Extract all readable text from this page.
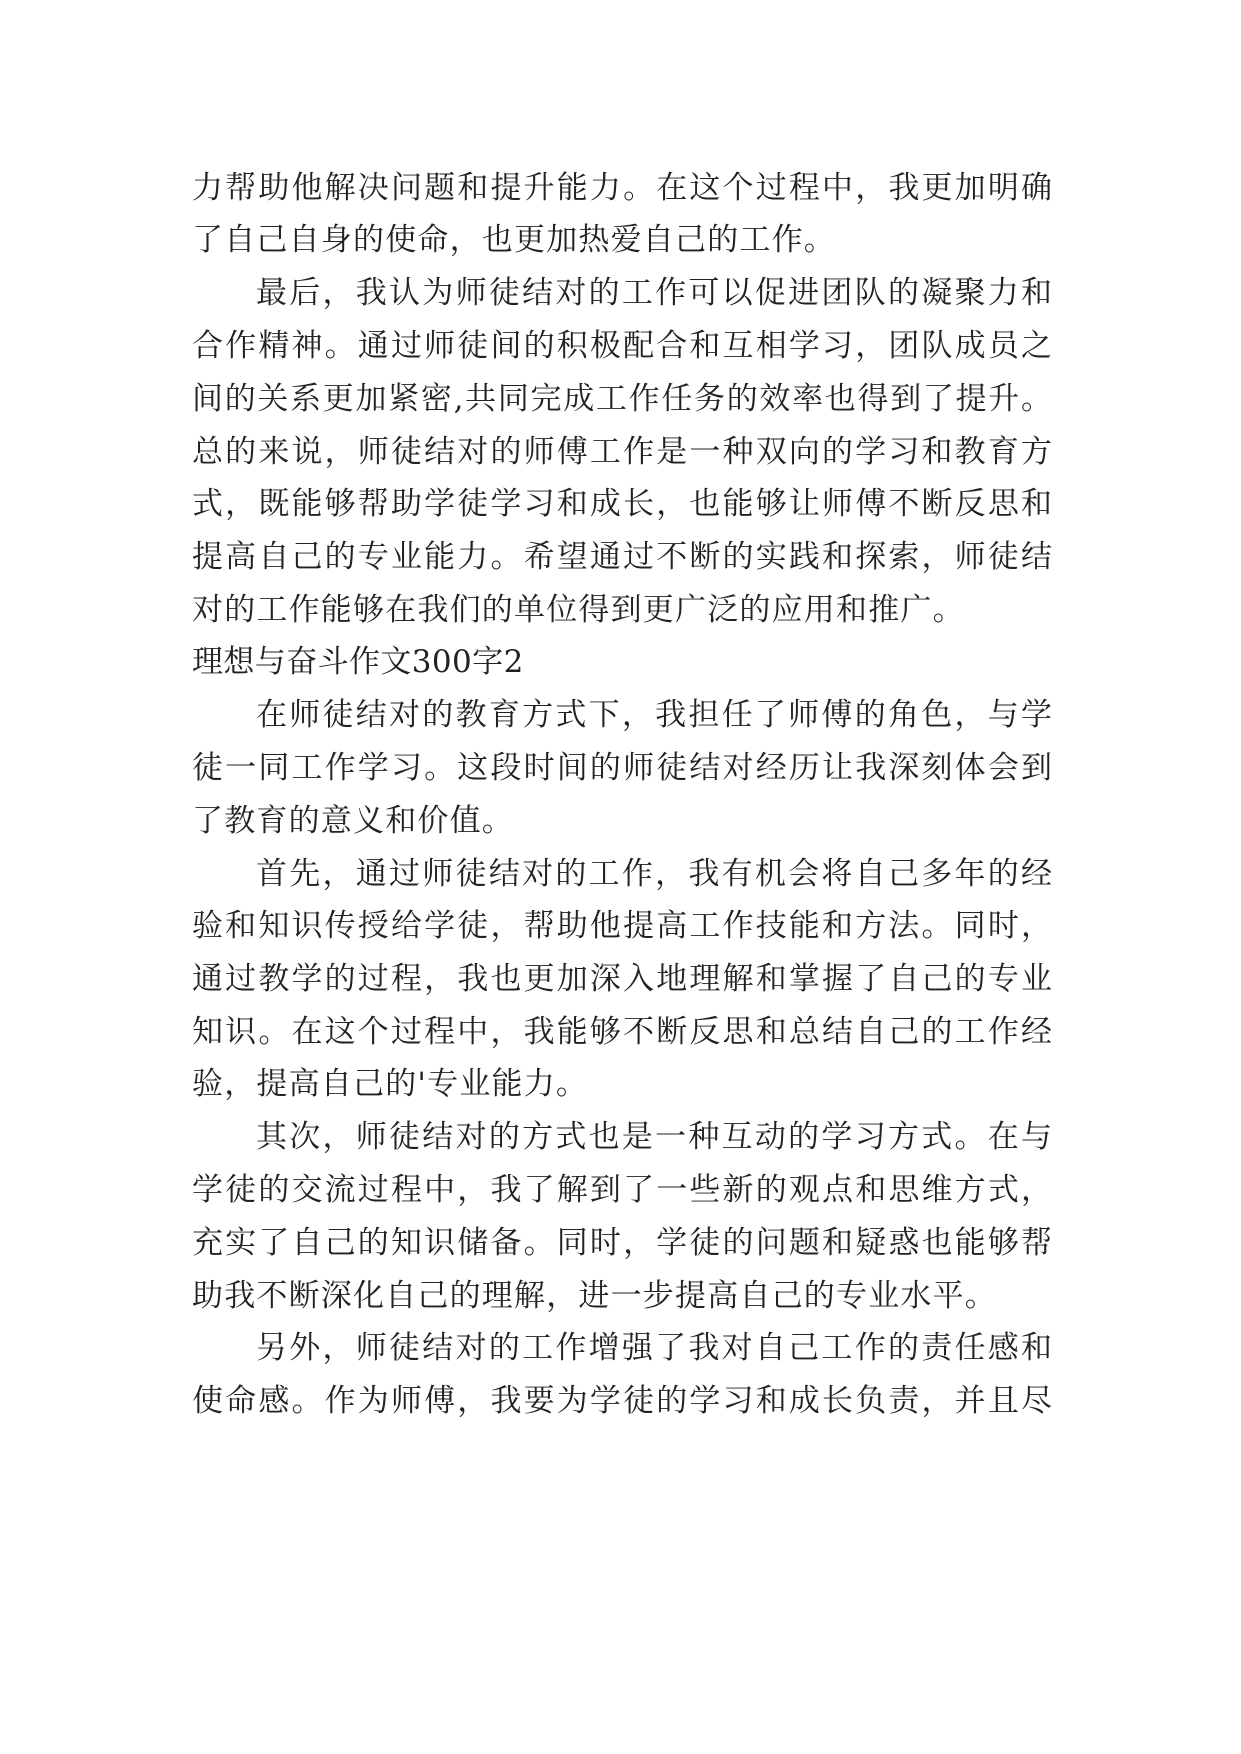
力帮助他解决问题和提升能力。在这个过程中，我更加明确
了自己自身的使命，也更加热爱自己的工作。
最后，我认为师徒结对的工作可以促进团队的凝聚力和
合作精神。通过师徒间的积极配合和互相学习，团队成员之
间的关系更加紧密,共同完成工作任务的效率也得到了提升。
总的来说，师徒结对的师傅工作是一种双向的学习和教育方
式，既能够帮助学徒学习和成长，也能够让师傅不断反思和
提高自己的专业能力。希望通过不断的实践和探索，师徒结
对的工作能够在我们的单位得到更广泛的应用和推广。
理想与奋斗作文300字2
在师徒结对的教育方式下，我担任了师傅的角色，与学
徒一同工作学习。这段时间的师徒结对经历让我深刻体会到
了教育的意义和价值。
首先，通过师徒结对的工作，我有机会将自己多年的经
验和知识传授给学徒，帮助他提高工作技能和方法。同时，
通过教学的过程，我也更加深入地理解和掌握了自己的专业
知识。在这个过程中，我能够不断反思和总结自己的工作经
验，提高自己的'专业能力。
其次，师徒结对的方式也是一种互动的学习方式。在与
学徒的交流过程中，我了解到了一些新的观点和思维方式，
充实了自己的知识储备。同时，学徒的问题和疑惑也能够帮
助我不断深化自己的理解，进一步提高自己的专业水平。
另外，师徒结对的工作增强了我对自己工作的责任感和
使命感。作为师傅，我要为学徒的学习和成长负责，并且尽
